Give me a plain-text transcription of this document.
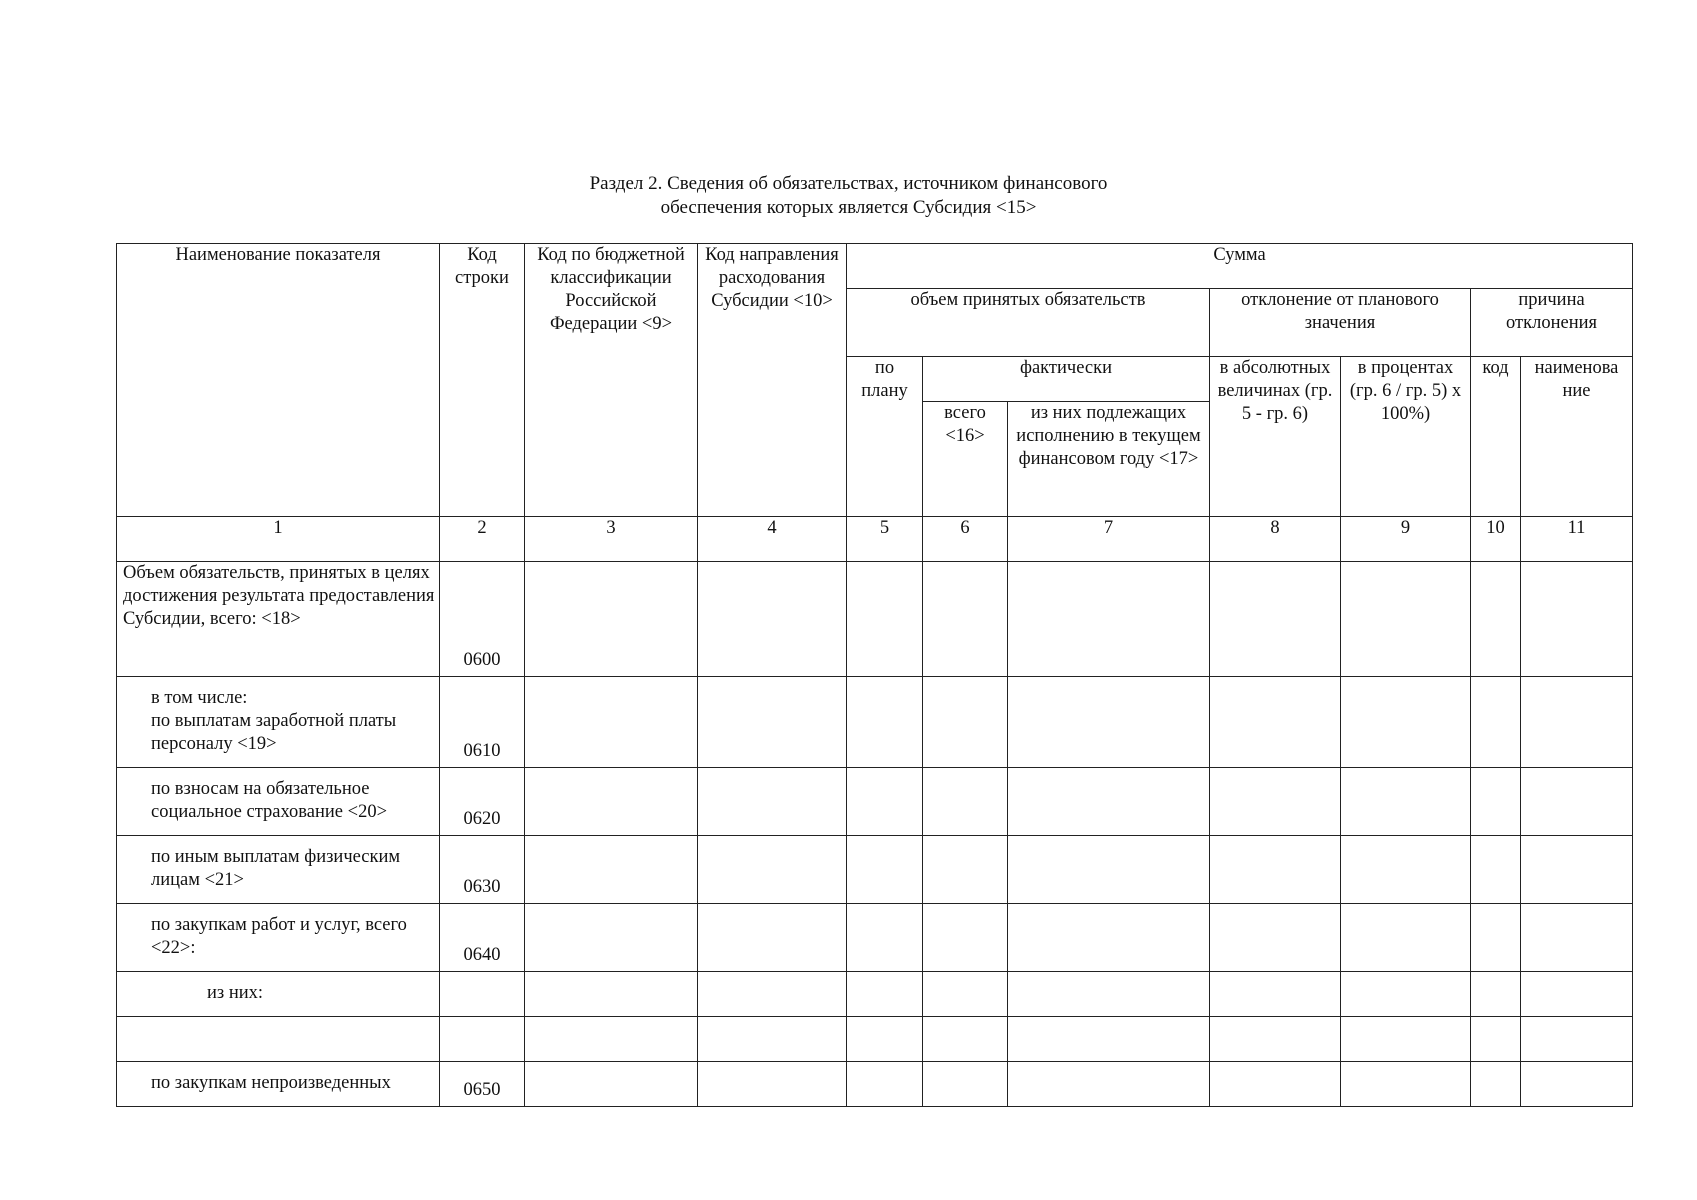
Раздел 2. Сведения об обязательствах, источником финансового
обеспечения которых является Субсидия <15>
Наименование показателя	Код строки	Код по бюджетной классификации Российской Федерации <9>	Код направления расходования Субсидии <10>	Сумма						
				объем принятых обязательств			отклонение от планового значения		причина отклонения	
				по плану	фактически		в абсолютных величинах (гр. 5 - гр. 6)	в процентах (гр. 6 / гр. 5) x 100%)	код	наименова ние
					всего <16>	из них подлежащих исполнению в текущем финансовом году <17>				
1	2	3	4	5	6	7	8	9	10	11
Объем обязательств, принятых в целях достижения результата предоставления Субсидии, всего: <18>	0600									

в том числе:
по выплатам заработной платы персоналу <19>	0610									
по взносам на обязательное социальное страхование <20>	0620									
по иным выплатам физическим лицам <21>	0630									
по закупкам работ и услуг, всего <22>:	0640									
из них:										

по закупкам непроизведенных	0650									
